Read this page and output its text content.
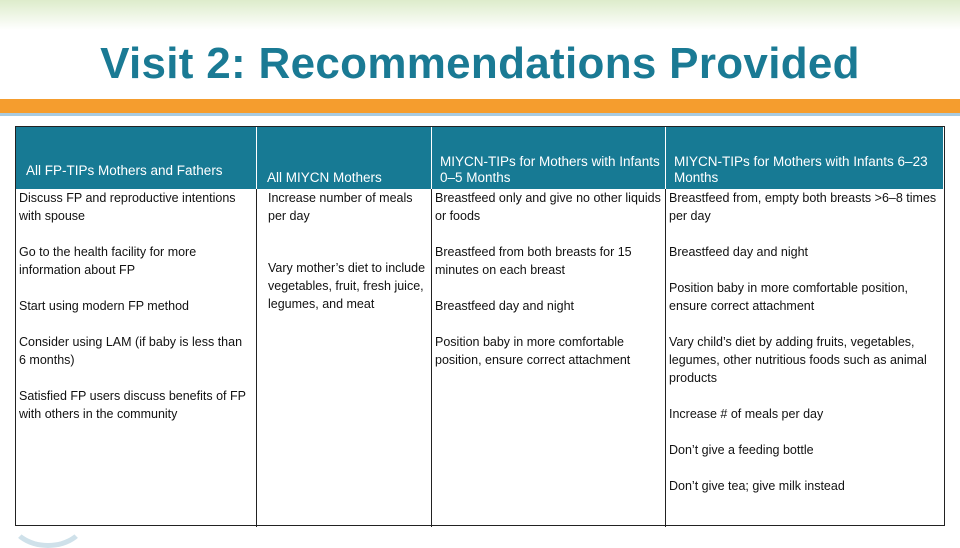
Visit 2: Recommendations Provided
All FP-TIPs Mothers and Fathers	All MIYCN Mothers
MIYCN-TIPs for Mothers with Infants 0–5 Months
MIYCN-TIPs for Mothers with Infants 6–23 Months
Discuss FP and reproductive intentions with spouse
Go to the health facility for more information about FP
Start using modern FP method
Consider using LAM (if baby is less than 6 months)
Satisfied FP users discuss benefits of FP with others in the community
Increase number of meals per day
Vary mother’s diet to include vegetables, fruit, fresh juice, legumes, and meat
Breastfeed only and give no other liquids or foods
Breastfeed from both breasts for 15 minutes on each breast
Breastfeed day and night
Position baby in more comfortable position, ensure correct attachment
Breastfeed from, empty both breasts >6–8 times per day
Breastfeed day and night
Position baby in more comfortable position, ensure correct attachment
Vary child’s diet by adding fruits, vegetables, legumes, other nutritious foods such as animal products
Increase # of meals per day
Don’t give a feeding bottle
Don’t give tea; give milk instead
